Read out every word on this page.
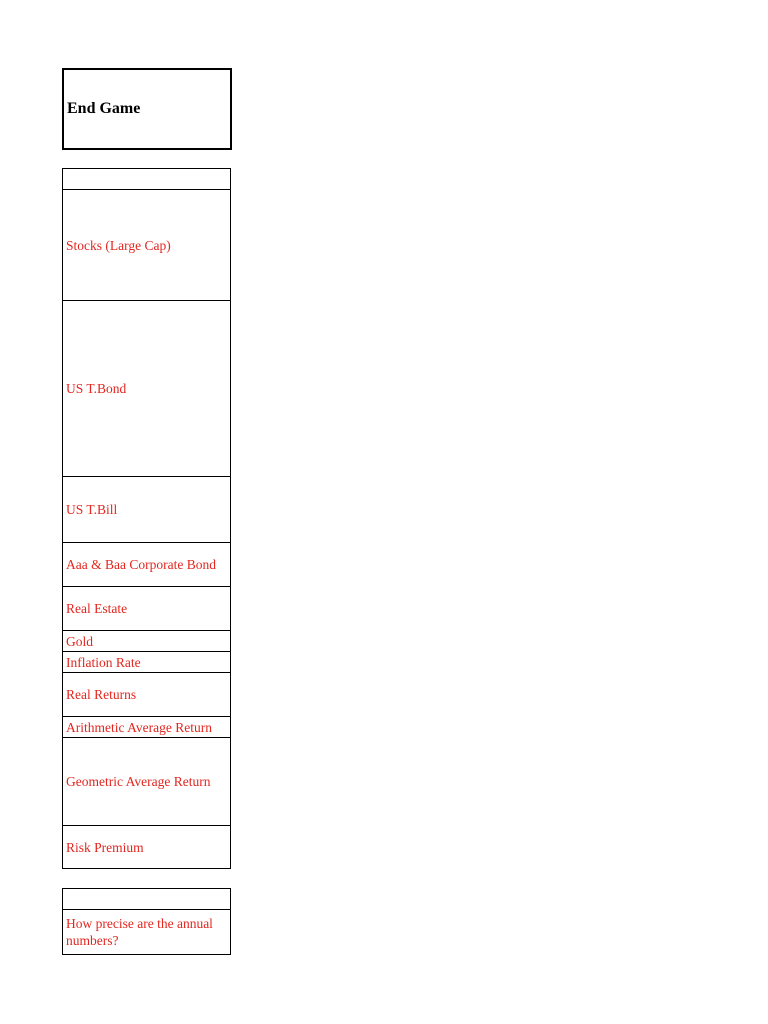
End Game
Stocks (Large Cap)
US T.Bond
US T.Bill
Aaa & Baa Corporate Bond
Real Estate
Gold
Inflation Rate
Real Returns
Arithmetic Average Return
Geometric Average Return
Risk Premium
How precise are the annual numbers?
